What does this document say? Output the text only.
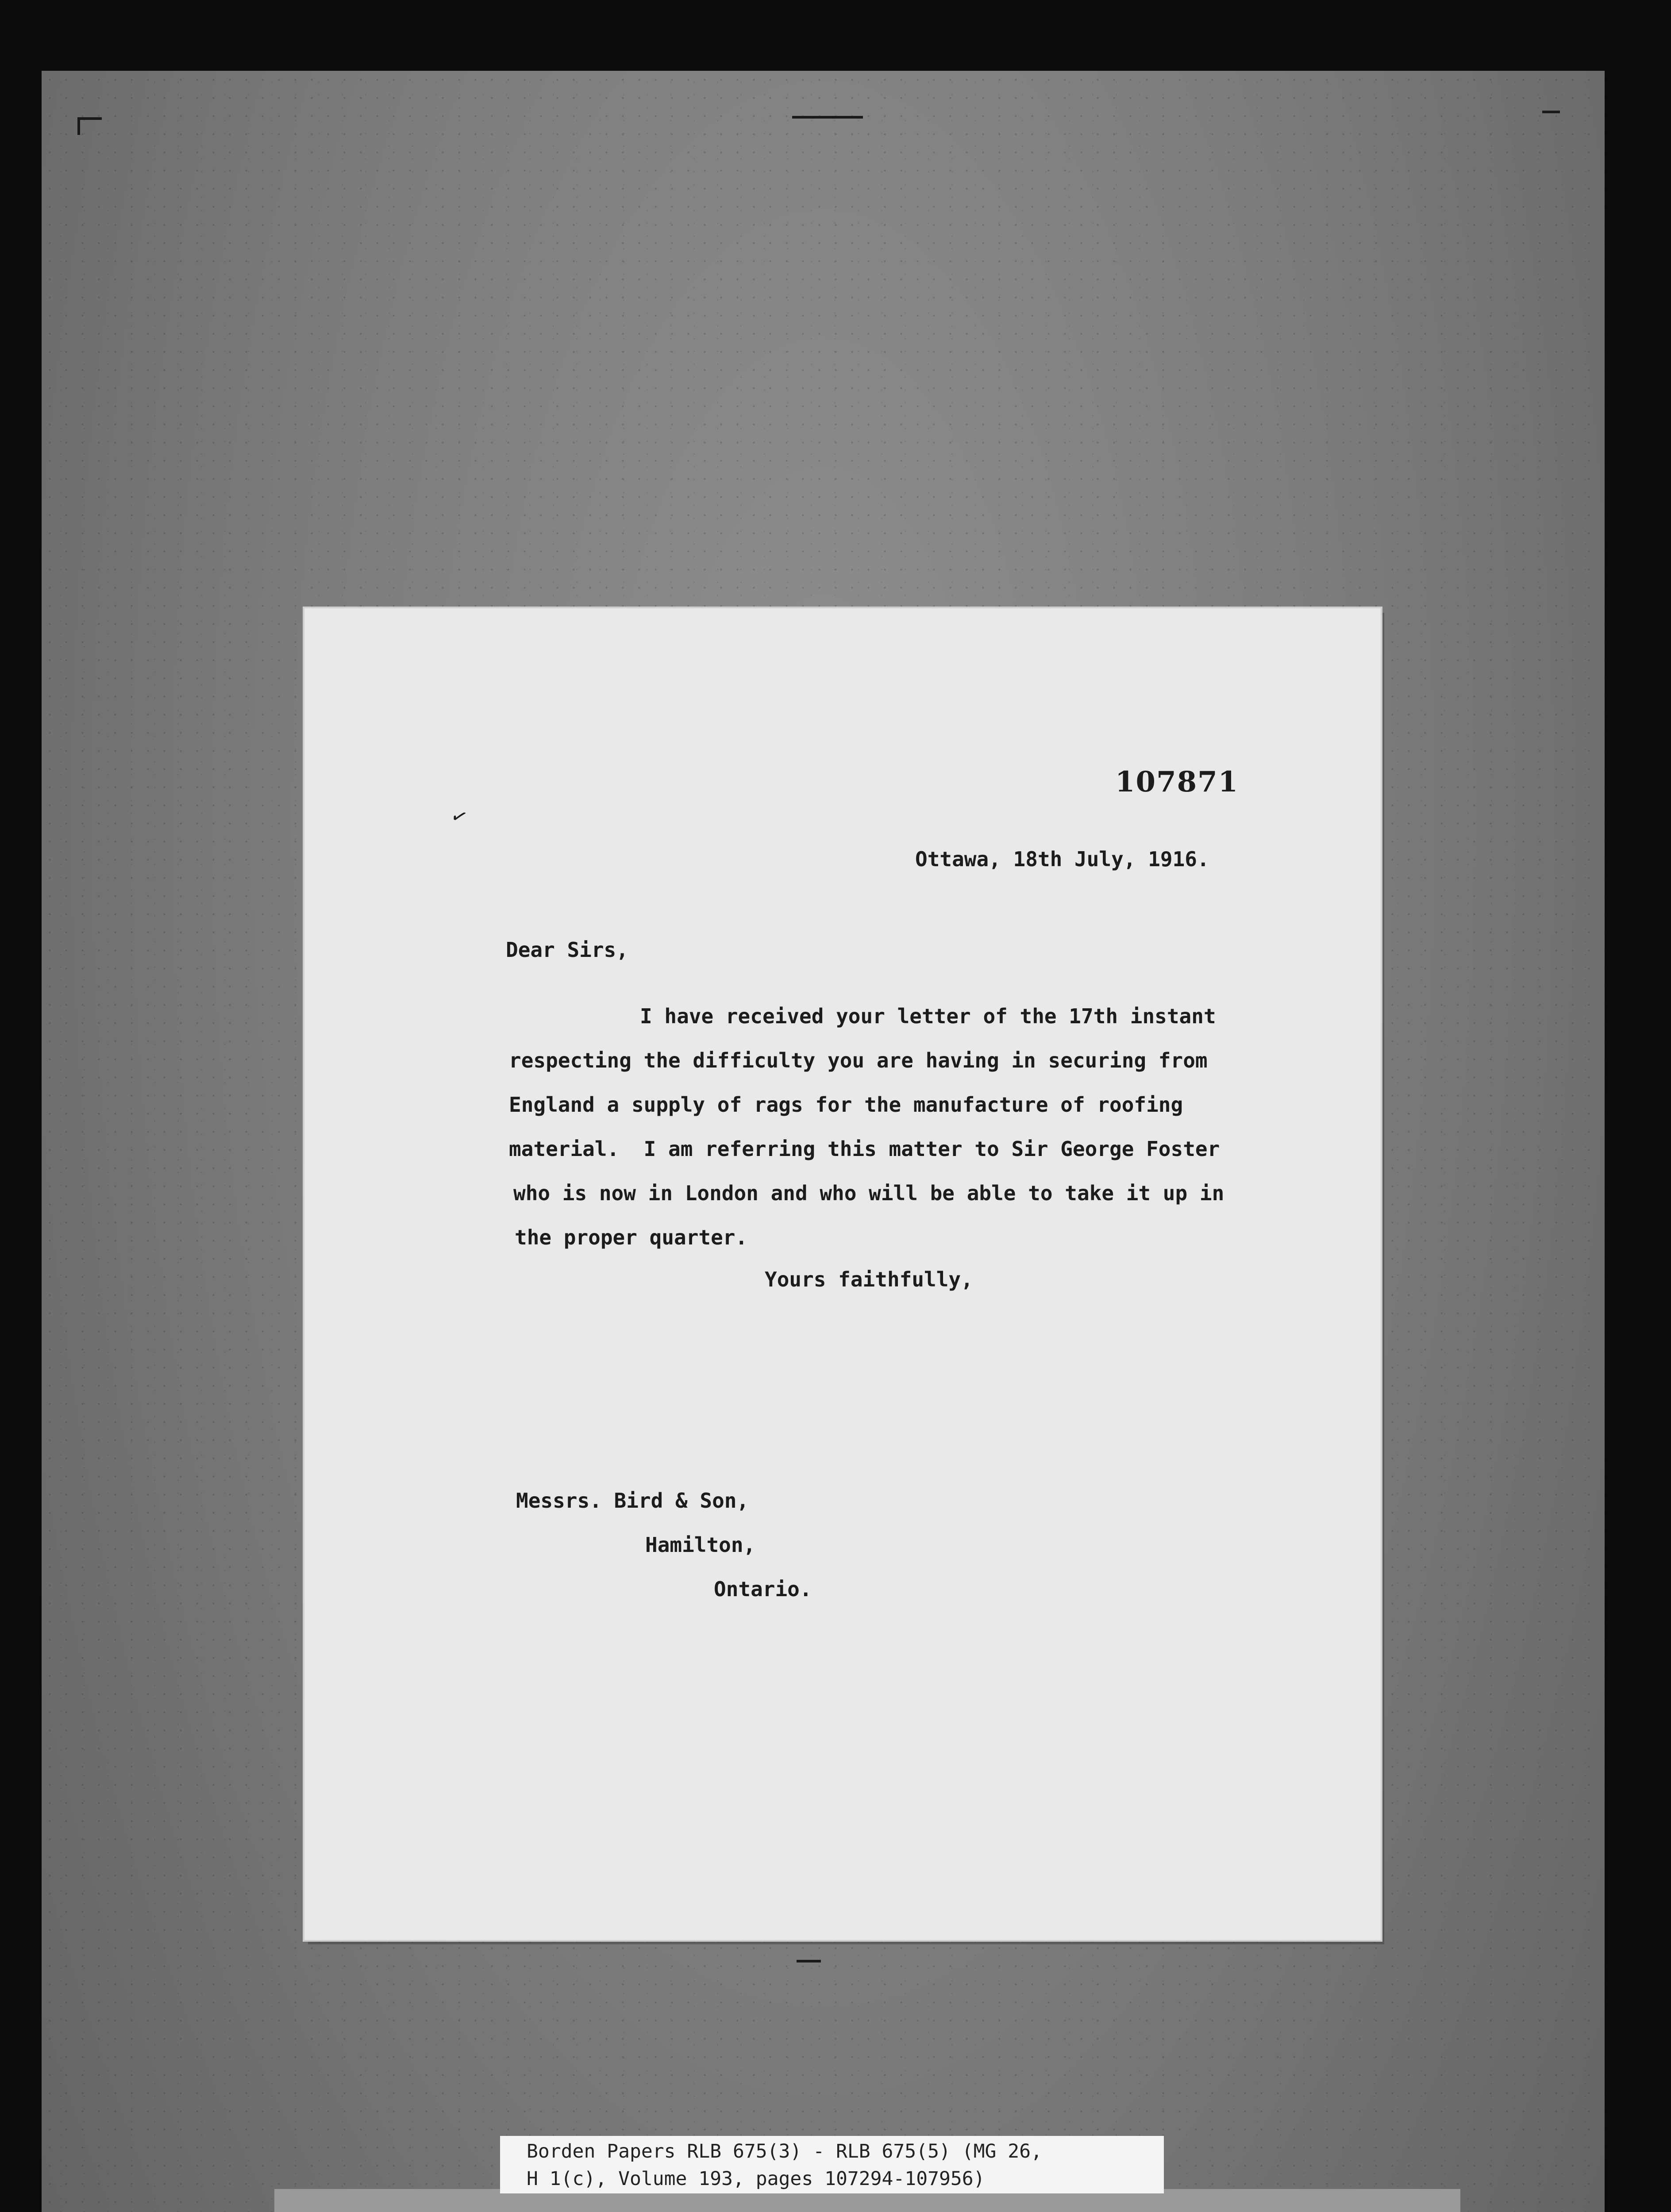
✓
107871
Ottawa, 18th July, 1916.
Dear Sirs,
I have received your letter of the 17th instant
respecting the difficulty you are having in securing from
England a supply of rags for the manufacture of roofing
material.  I am referring this matter to Sir George Foster
who is now in London and who will be able to take it up in
the proper quarter.
Yours faithfully,
Messrs. Bird & Son,
Hamilton,
Ontario.
Borden Papers RLB 675(3) - RLB 675(5) (MG 26,
H 1(c), Volume 193, pages 107294-107956)
